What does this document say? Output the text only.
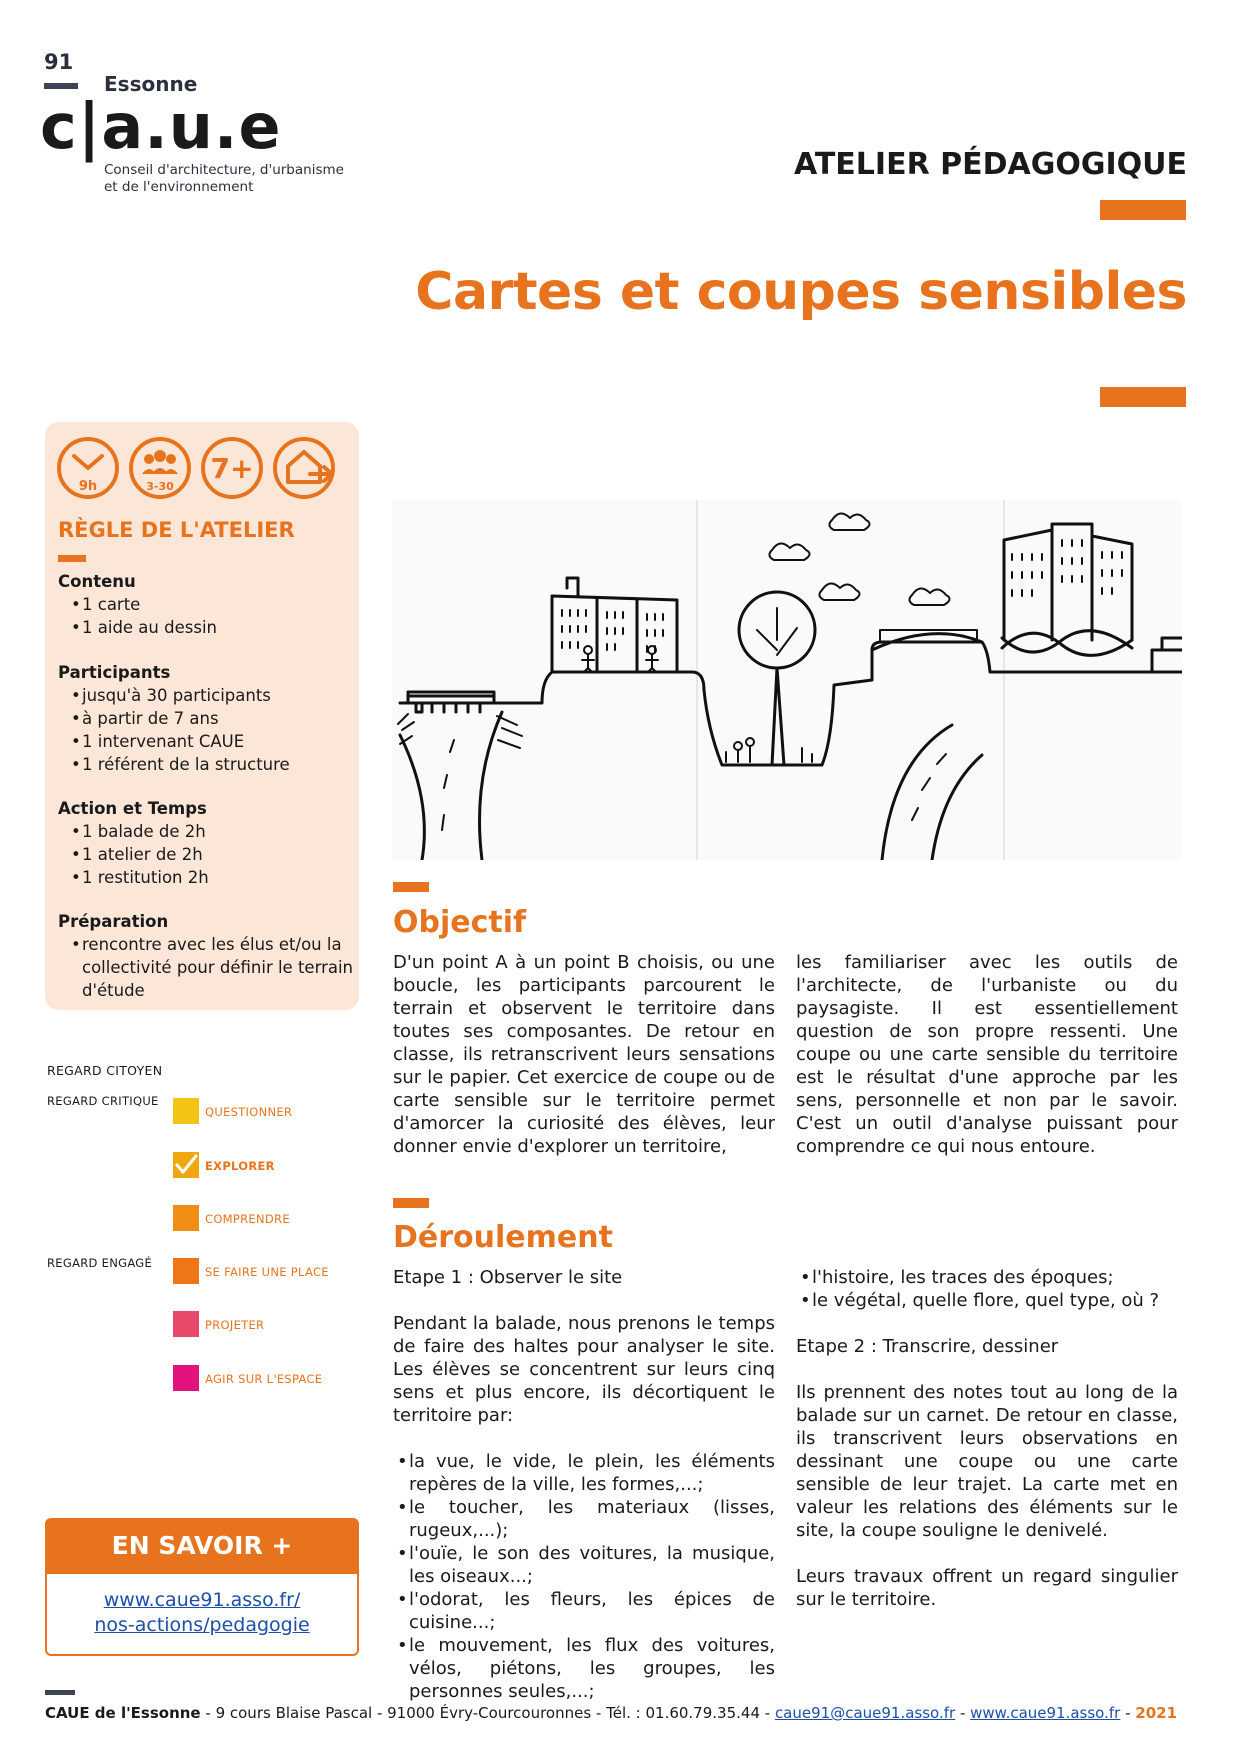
91
Essonne
c|a.u.e
Conseil d'architecture, d'urbanisme
et de l'environnement
ATELIER PÉDAGOGIQUE
Cartes et coupes sensibles
9h	3-30
7+
RÈGLE DE L'ATELIER
Contenu
• 1 carte
• 1 aide au dessin
Participants
• jusqu'à 30 participants
• à partir de 7 ans
• 1 intervenant CAUE
• 1 référent de la structure
Action et Temps
• 1 balade de 2h
• 1 atelier de 2h
• 1 restitution 2h
Préparation
• rencontre avec les élus et/ou la collectivité pour définir le terrain d'étude
REGARD CITOYEN
REGARD CRITIQUE
REGARD ENGAGÉ
QUESTIONNER
EXPLORER
COMPRENDRE
SE FAIRE UNE PLACE
PROJETER
AGIR SUR L'ESPACE
EN SAVOIR +
www.caue91.asso.fr/
nos-actions/pedagogie
Objectif

D'un point A à un point B choisis, ou une boucle, les participants parcourent le terrain et observent le territoire dans toutes ses composantes. De retour en classe, ils retranscrivent leurs sensations sur le papier. Cet exercice de coupe ou de carte sensible sur le territoire permet d'amorcer la curiosité des élèves, leur donner envie d'explorer un territoire,

les familiariser avec les outils de l'architecte, de l'urbaniste ou du paysagiste. Il est essentiellement question de son propre ressenti. Une coupe ou une carte sensible du territoire est le résultat d'une approche par les sens, personnelle et non par le savoir. C'est un outil d'analyse puissant pour comprendre ce qui nous entoure.

Déroulement

Etape 1 : Observer le site

Pendant la balade, nous prenons le temps de faire des haltes pour analyser le site. Les élèves se concentrent sur leurs cinq sens et plus encore, ils décortiquent le territoire par:

• la vue, le vide, le plein, les éléments repères de la ville, les formes,...;
• le toucher, les materiaux (lisses, rugeux,...);
• l'ouïe, le son des voitures, la musique, les oiseaux...;
• l'odorat, les fleurs, les épices de cuisine...;
• le mouvement, les flux des voitures, vélos, piétons, les groupes, les personnes seules,...;
• l'histoire, les traces des époques;
• le végétal, quelle flore, quel type, où ?

Etape 2 : Transcrire, dessiner

Ils prennent des notes tout au long de la balade sur un carnet. De retour en classe, ils transcrivent leurs observations en dessinant une coupe ou une carte sensible de leur trajet. La carte met en valeur les relations des éléments sur le site, la coupe souligne le denivelé.

Leurs travaux offrent un regard singulier sur le territoire.

CAUE de l'Essonne - 9 cours Blaise Pascal - 91000 Évry-Courcouronnes - Tél. : 01.60.79.35.44 - caue91@caue91.asso.fr - www.caue91.asso.fr - 2021
